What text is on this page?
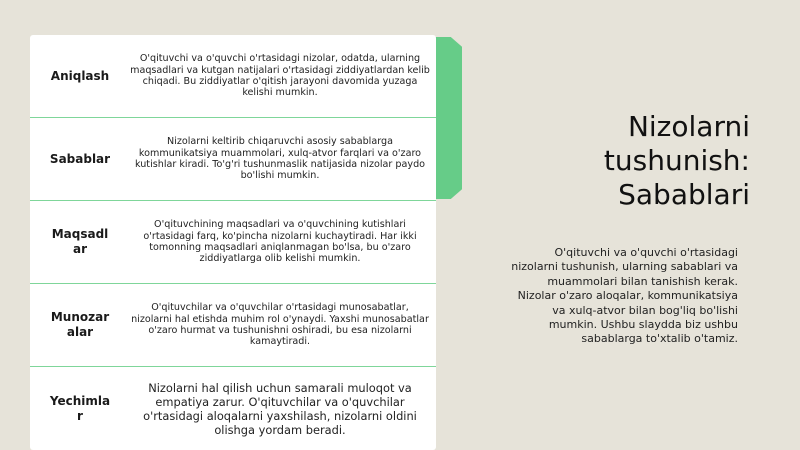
Aniqlash
O'qituvchi va o'quvchi o'rtasidagi nizolar, odatda, ularning maqsadlari va kutgan natijalari o'rtasidagi ziddiyatlardan kelib chiqadi. Bu ziddiyatlar o'qitish jarayoni davomida yuzaga kelishi mumkin.
Sabablar
Nizolarni keltirib chiqaruvchi asosiy sabablarga kommunikatsiya muammolari, xulq-atvor farqlari va o'zaro kutishlar kiradi. To'g'ri tushunmaslik natijasida nizolar paydo bo'lishi mumkin.
Maqsadlar
O'qituvchining maqsadlari va o'quvchining kutishlari o'rtasidagi farq, ko'pincha nizolarni kuchaytiradi. Har ikki tomonning maqsadlari aniqlanmagan bo'lsa, bu o'zaro ziddiyatlarga olib kelishi mumkin.
Munozaralar
O'qituvchilar va o'quvchilar o'rtasidagi munosabatlar, nizolarni hal etishda muhim rol o'ynaydi. Yaxshi munosabatlar o'zaro hurmat va tushunishni oshiradi, bu esa nizolarni kamaytiradi.
Yechimlar
Nizolarni hal qilish uchun samarali muloqot va empatiya zarur. O'qituvchilar va o'quvchilar o'rtasidagi aloqalarni yaxshilash, nizolarni oldini olishga yordam beradi.
Nizolarni tushunish: Sabablari

O'qituvchi va o'quvchi o'rtasidagi nizolarni tushunish, ularning sabablari va muammolari bilan tanishish kerak. Nizolar o'zaro aloqalar, kommunikatsiya va xulq-atvor bilan bog'liq bo'lishi mumkin. Ushbu slaydda biz ushbu sabablarga to'xtalib o'tamiz.
